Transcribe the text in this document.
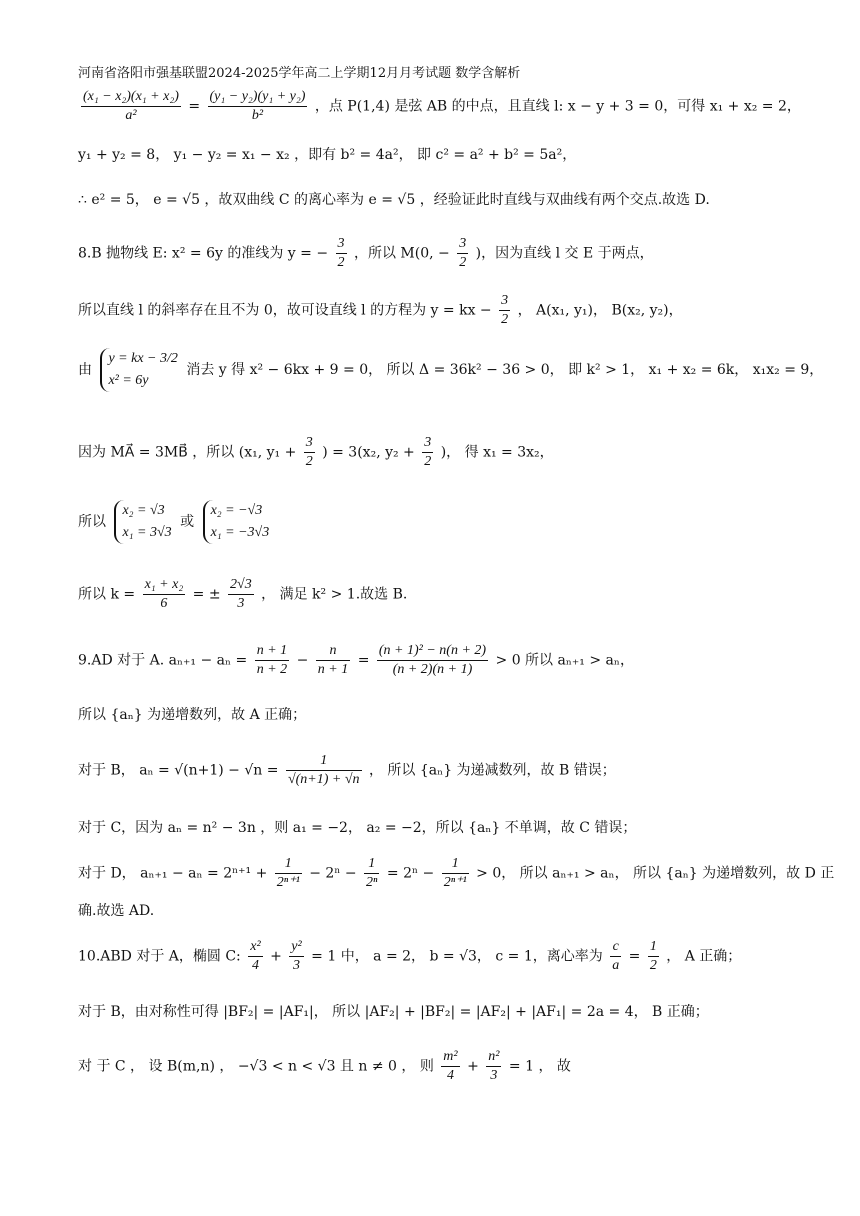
河南省洛阳市强基联盟2024-2025学年高二上学期12月月考试题 数学含解析
$\frac{\text{(x₁ − x₂)(x₁ + x₂)}}{\text{a²}} = \frac{\text{(y₁ − y₂)(y₁ + y₂)}}{\text{b²}}$ ，点 P(1,4) 是弦 AB 的中点，且直线 l: x − y + 3 = 0，可得 x₁ + x₂ = 2，
y₁ + y₂ = 8， y₁ − y₂ = x₁ − x₂ ，即有 b² = 4a²， 即 c² = a² + b² = 5a²，
∴ e² = 5， e = √5 ，故双曲线 C 的离心率为 e = √5 ，经验证此时直线与双曲线有两个交点.故选 D.
8.B 抛物线 E: x² = 6y 的准线为 y = − $\frac{3}{2}$ ，所以 M(0, − $\frac{3}{2}$ )，因为直线 l 交 E 于两点，
所以直线 l 的斜率存在且不为 0，故可设直线 l 的方程为 y = kx − $\frac{3}{2}$ ， A(x₁, y₁)， B(x₂, y₂)，
由
y = kx − 3/2
x² = 6y
消去 y 得 x² − 6kx + 9 = 0， 所以 Δ = 36k² − 36 > 0， 即 k² > 1， x₁ + x₂ = 6k， x₁x₂ = 9，
因为 MA⃗ = 3MB⃗ ，所以 (x₁, $y_1 + \frac{3}{2}$ ) = 3(x₂, $y_2 + \frac{3}{2}$ )， 得 x₁ = 3x₂，
所以
x₂ = √3
x₁ = 3√3
或
x₂ = −√3
x₁ = −3√3
所以 $k = \frac{\text{x₁ + x₂}}{6}$ = ± $\frac{2√3}{3}$ ， 满足 k² > 1.故选 B.
9.AD 对于 A. $a_{n+1} - a_n = \frac{n + 1}{n + 2} - \frac{n}{n + 1} = \frac{\text{(n + 1)² − n(n + 2)}}{(n + 2)(n + 1)} > 0$ 所以 aₙ₊₁ > aₙ，
所以 {aₙ} 为递增数列，故 A 正确；
对于 B， $a_n = √(n+1) - √n = \frac{1}{√(n+1) + √n}$ ， 所以 {aₙ} 为递减数列，故 B 错误；
对于 C，因为 aₙ = n² − 3n ，则 a₁ = −2， a₂ = −2，所以 {aₙ} 不单调，故 C 错误；
对于 D， $a_{n+1} - a_n = 2^{n+1} + \frac{1}{\text{2ⁿ⁺¹}} - 2^n - \frac{1}{\text{2ⁿ}} = 2^n - \frac{1}{\text{2ⁿ⁺¹}} > 0$， 所以 aₙ₊₁ > aₙ， 所以 {aₙ} 为递增数列，故 D 正
确.故选 AD.
10.ABD 对于 A，椭圆 C: $\frac{\text{x²}}{4} + \frac{\text{y²}}{3} = 1$ 中， a = 2， b = √3， c = 1，离心率为 $\frac{c}{a} = \frac{1}{2}$ ， A 正确；
对于 B，由对称性可得 |BF₂| = |AF₁|， 所以 |AF₂| + |BF₂| = |AF₂| + |AF₁| = 2a = 4， B 正确；
对 于 C ， 设 B(m,n) ， −√3 < n < √3 且 n ≠ 0 ， 则 $\frac{\text{m²}}{4} + \frac{\text{n²}}{3} = 1$ ， 故
